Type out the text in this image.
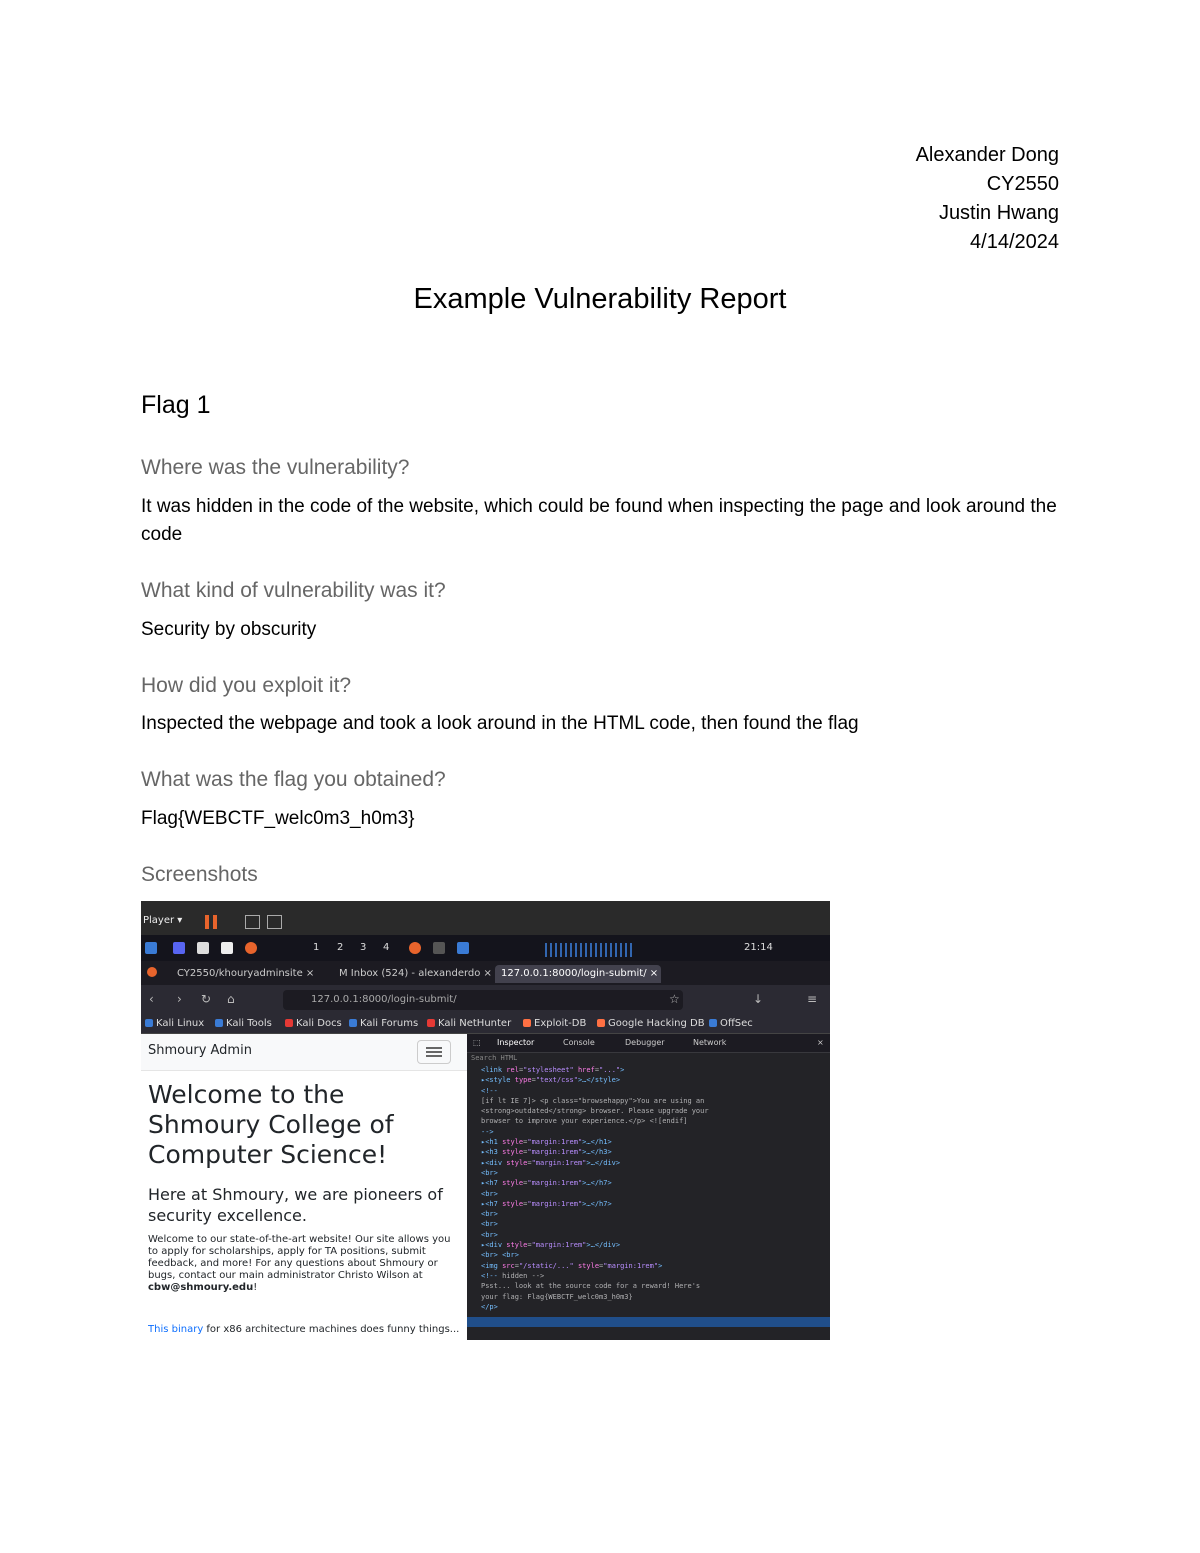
Alexander Dong
CY2550
Justin Hwang
4/14/2024
Example Vulnerability Report
Flag 1
Where was the vulnerability?
It was hidden in the code of the website, which could be found when inspecting the page and look around the code
What kind of vulnerability was it?
Security by obscurity
How did you exploit it?
Inspected the webpage and took a look around in the HTML code, then found the flag
What was the flag you obtained?
Flag{WEBCTF_welc0m3_h0m3}
Screenshots
Player ▾
1 2 3 4	21:14
CY2550/khouryadminsite ×	M Inbox (524) - alexanderdo × 127.0.0.1:8000/login-submit/ ×
‹ › ↻ ⌂	127.0.0.1:8000/login-submit/	☆	↓	≡
Kali Linux	Kali Tools	Kali Docs	Kali Forums	Kali NetHunter	Exploit-DB	Google Hacking DB	OffSec
Shmoury Admin
Welcome to the Shmoury College of Computer Science!
Here at Shmoury, we are pioneers of security excellence.
Welcome to our state-of-the-art website! Our site allows you to apply for scholarships, apply for TA positions, submit feedback, and more! For any questions about Shmoury or bugs, contact our main administrator Christo Wilson at cbw@shmoury.edu!
This binary for x86 architecture machines does funny things...
⬚ Inspector	Console	Debugger	Network	×
Search HTML
<link rel="stylesheet" href="...">
▸<style type="text/css">…</style>
<!--
[if lt IE 7]> <p class="browsehappy">You are using an
<strong>outdated</strong> browser. Please upgrade your
browser to improve your experience.</p> <![endif]
-->
▸<h1 style="margin:1rem">…</h1>
▸<h3 style="margin:1rem">…</h3>
▸<div style="margin:1rem">…</div>
<br>
▸<h7 style="margin:1rem">…</h7>
<br>
▸<h7 style="margin:1rem">…</h7>
<br>
<br>
<br>
▸<div style="margin:1rem">…</div>
<br> <br>
<img src="/static/..." style="margin:1rem">
<!-- hidden -->
Psst... look at the source code for a reward! Here's
your flag: Flag{WEBCTF_welc0m3_h0m3}
</p>
